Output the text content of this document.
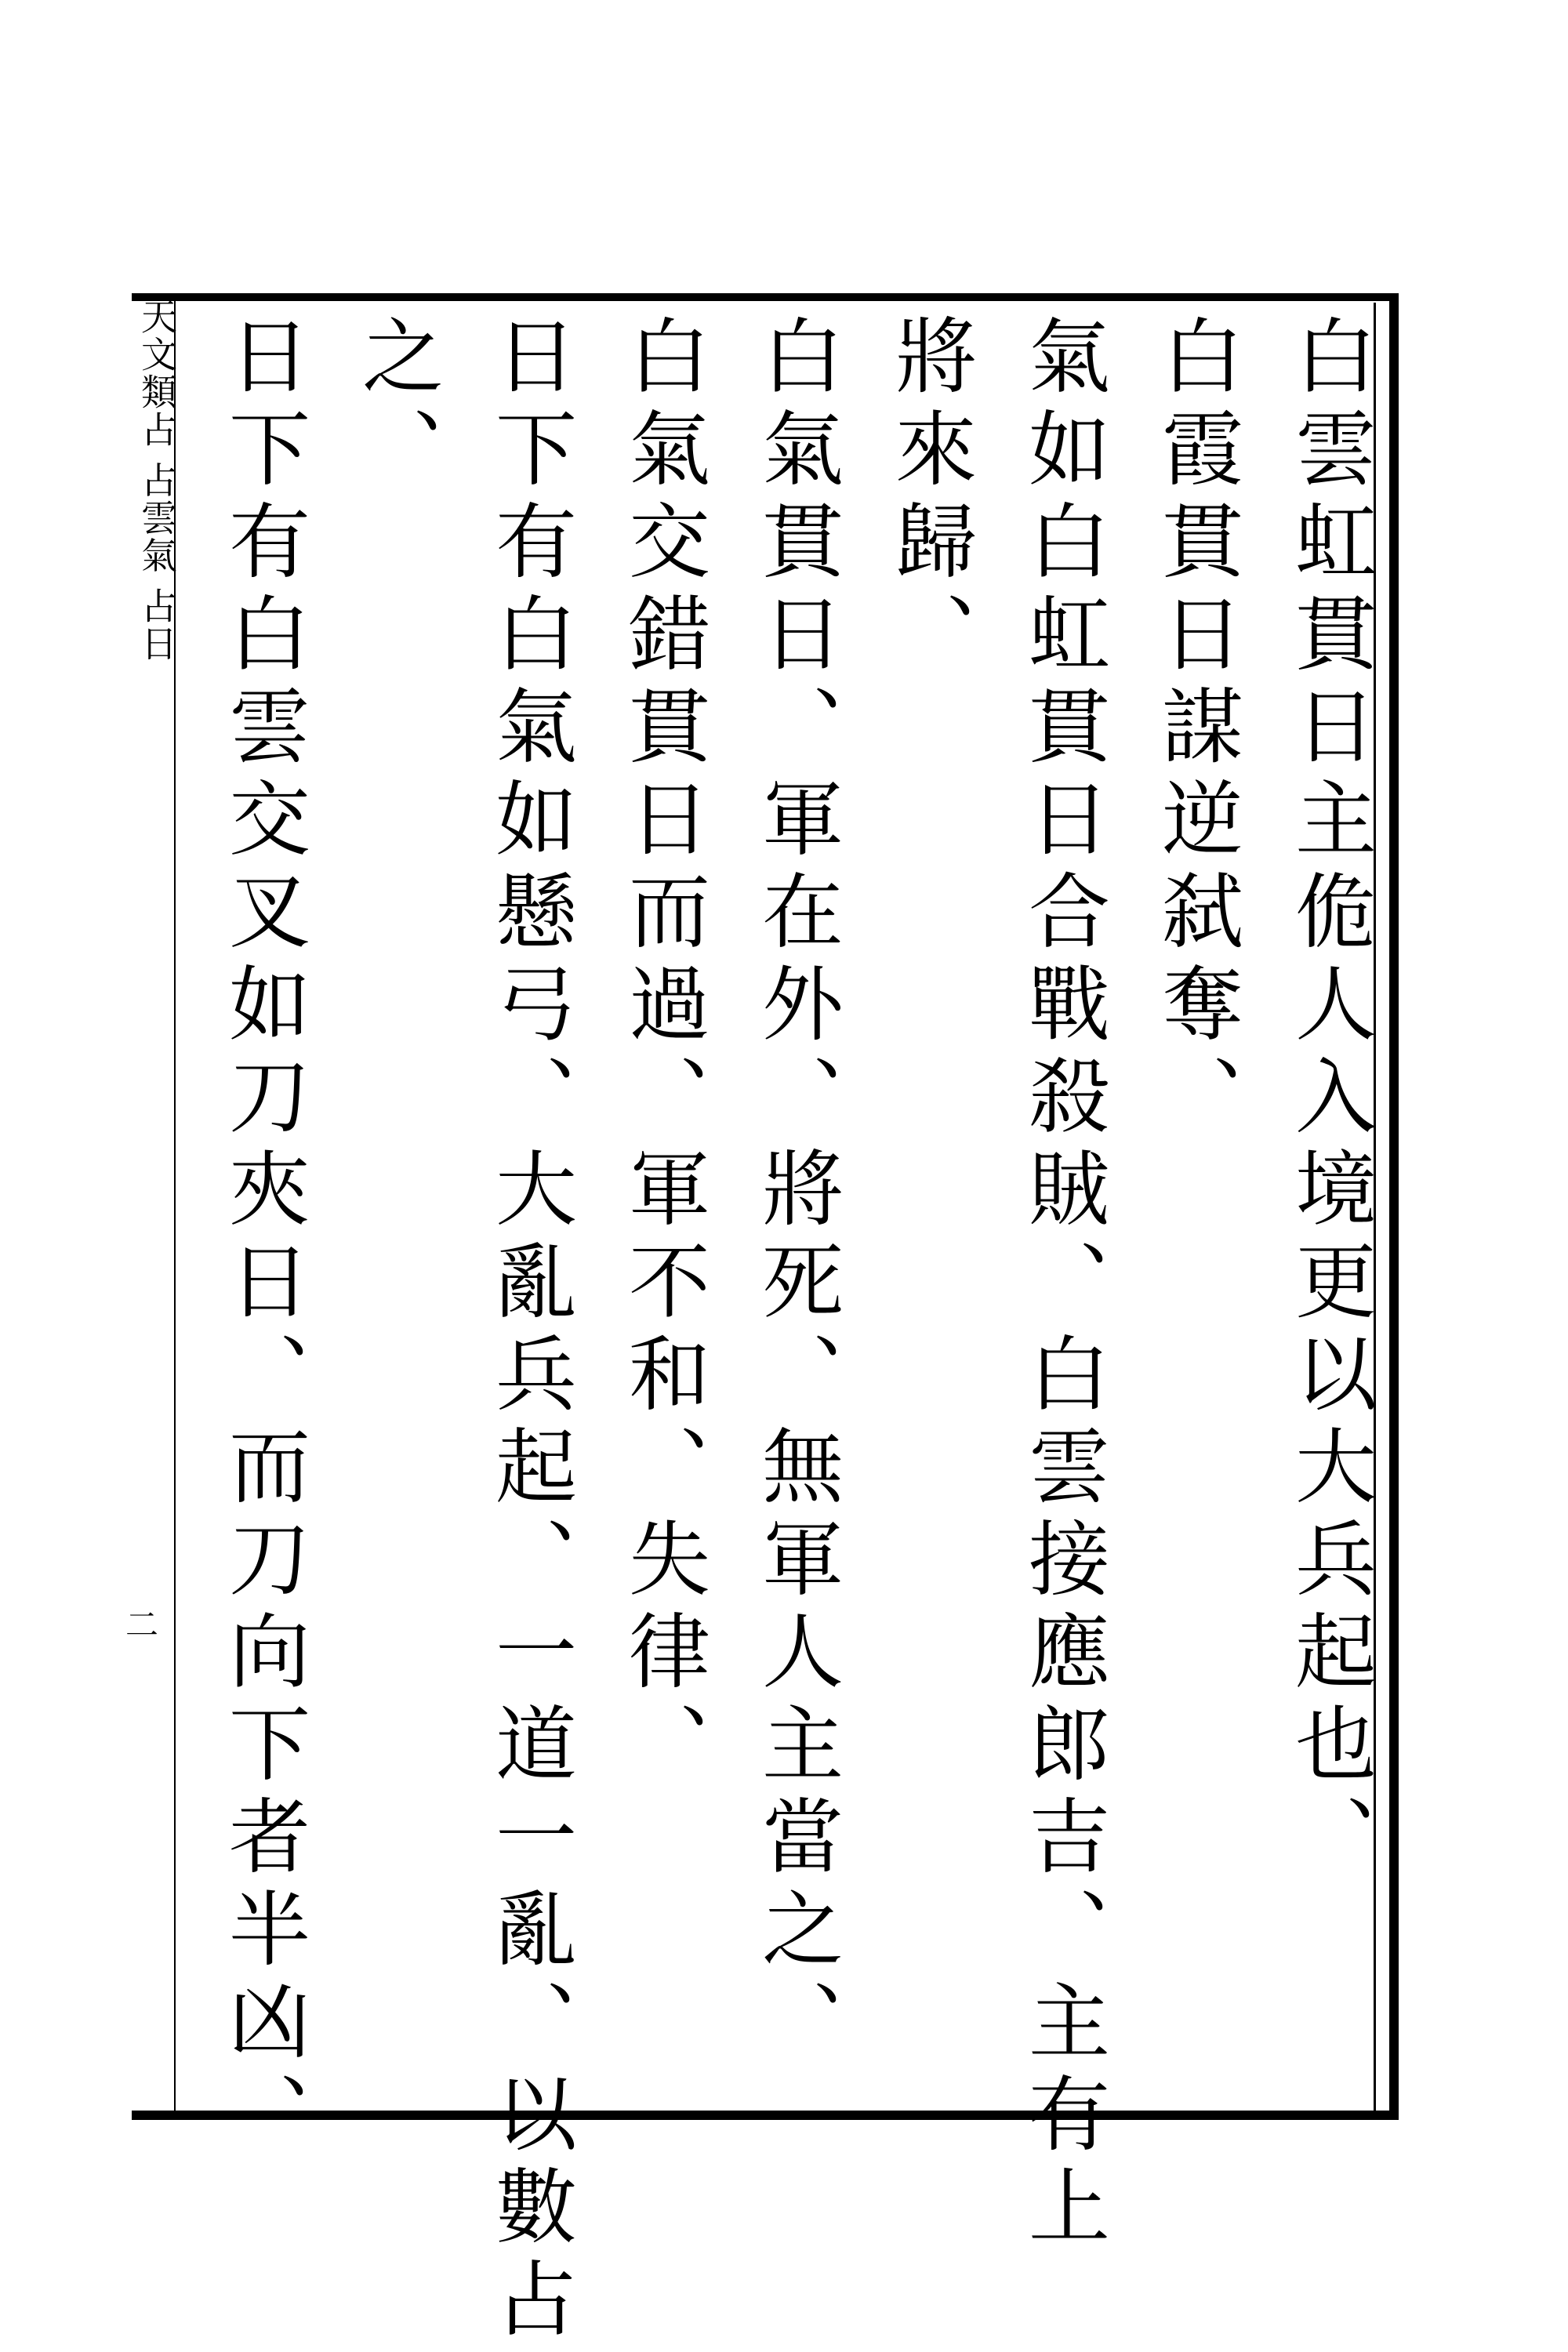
天文類占 占雲氣 占日
二	白雲虹貫日主佹人入境更以大兵起也、
白霞貫日謀逆弑奪、
氣如白虹貫日合戰殺賊、白雲接應郎吉、主有上
將來歸、
白氣貫日、軍在外、將死、無軍人主當之、
白氣交錯貫日而過、軍不和、失律、
日下有白氣如懸弓、大亂兵起、一道一亂、以數占
之、
日下有白雲交叉如刀夾日、而刀向下者半凶、
